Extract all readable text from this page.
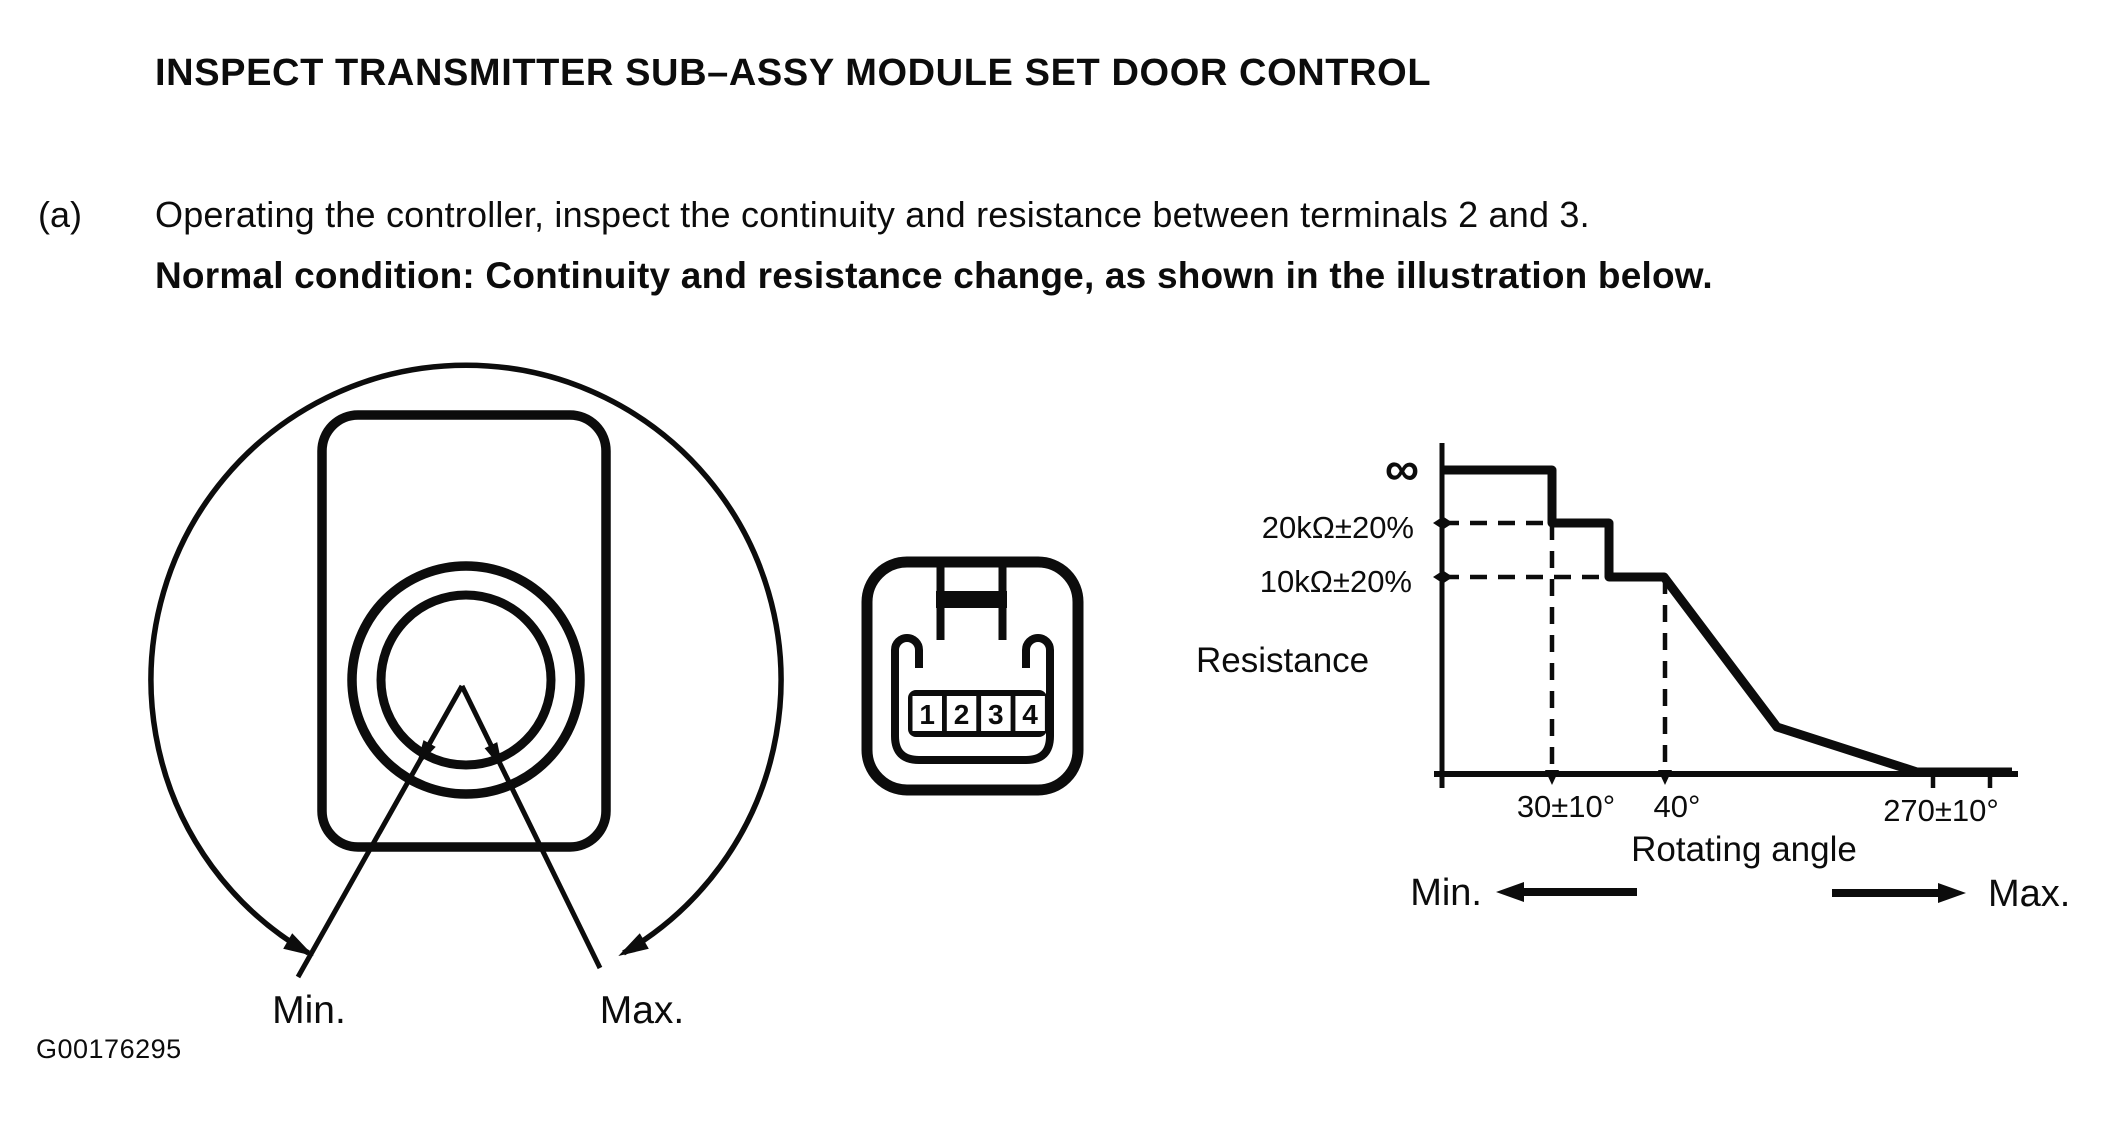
INSPECT TRANSMITTER SUB–ASSY MODULE SET DOOR CONTROL
(a) Operating the controller, inspect the continuity and resistance between terminals 2 and 3.
Normal condition: Continuity and resistance change, as shown in the illustration below.
Min.	Max.
1 2 3 4
∞
20kΩ±20%
10kΩ±20%
Resistance
30±10° 40°	270±10°
Rotating angle
Min.	Max.
G00176295
